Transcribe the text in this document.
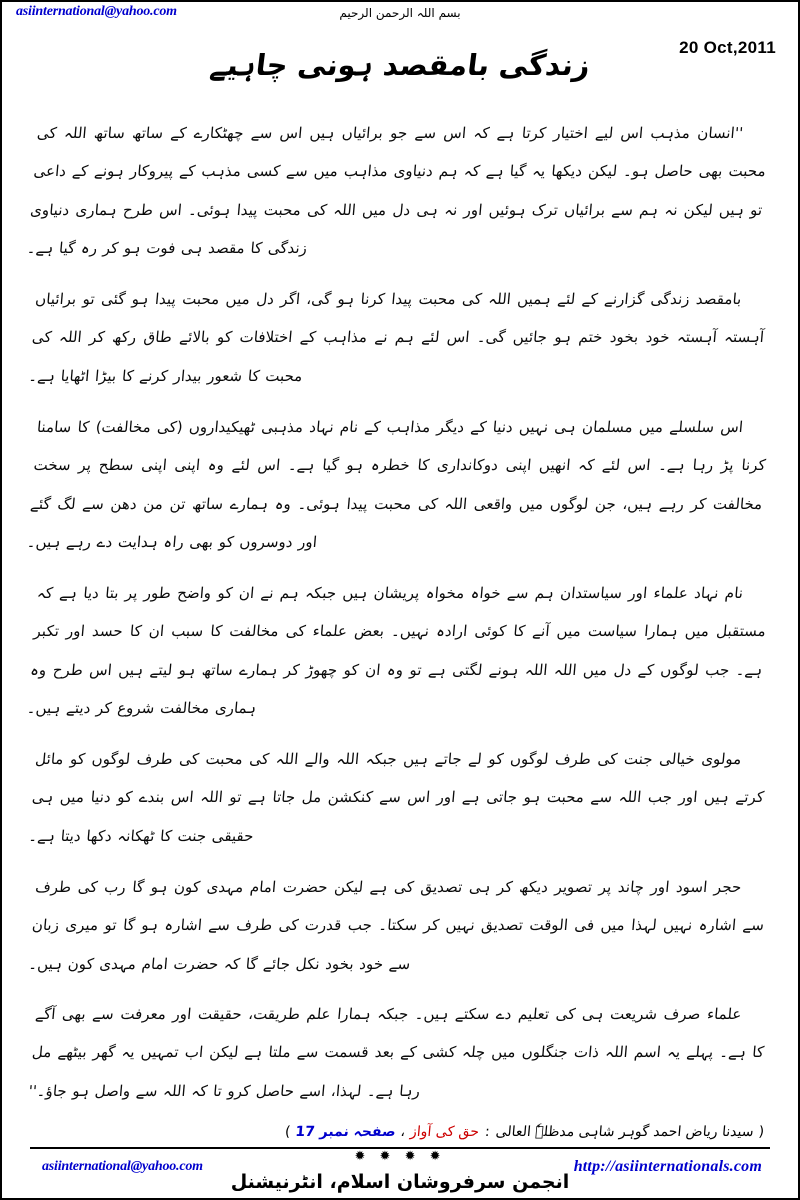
asiinternational@yahoo.com	بسم اللہ الرحمن الرحیم
20 Oct,2011
زندگی بامقصد ہونی چاہیے

''انسان مذہب اس لیے اختیار کرتا ہے کہ اس سے جو برائیاں ہیں اس سے چھٹکارے کے ساتھ ساتھ اللہ کی محبت بھی حاصل ہو۔ لیکن دیکھا یہ گیا ہے کہ ہم دنیاوی مذاہب میں سے کسی مذہب کے پیروکار ہونے کے داعی تو ہیں لیکن نہ ہم سے برائیاں ترک ہوئیں اور نہ ہی دل میں اللہ کی محبت پیدا ہوئی۔ اس طرح ہماری دنیاوی زندگی کا مقصد ہی فوت ہو کر رہ گیا ہے۔

بامقصد زندگی گزارنے کے لئے ہمیں اللہ کی محبت پیدا کرنا ہو گی، اگر دل میں محبت پیدا ہو گئی تو برائیاں آہستہ آہستہ خود بخود ختم ہو جائیں گی۔ اس لئے ہم نے مذاہب کے اختلافات کو بالائے طاق رکھ کر اللہ کی محبت کا شعور بیدار کرنے کا بیڑا اٹھایا ہے۔

اس سلسلے میں مسلمان ہی نہیں دنیا کے دیگر مذاہب کے نام نہاد مذہبی ٹھیکیداروں (کی مخالفت) کا سامنا کرنا پڑ رہا ہے۔ اس لئے کہ انھیں اپنی دوکانداری کا خطرہ ہو گیا ہے۔ اس لئے وہ اپنی اپنی سطح پر سخت مخالفت کر رہے ہیں، جن لوگوں میں واقعی اللہ کی محبت پیدا ہوئی۔ وہ ہمارے ساتھ تن من دھن سے لگ گئے اور دوسروں کو بھی راہ ہدایت دے رہے ہیں۔

نام نہاد علماء اور سیاستدان ہم سے خواہ مخواہ پریشان ہیں جبکہ ہم نے ان کو واضح طور پر بتا دیا ہے کہ مستقبل میں ہمارا سیاست میں آنے کا کوئی ارادہ نہیں۔ بعض علماء کی مخالفت کا سبب ان کا حسد اور تکبر ہے۔ جب لوگوں کے دل میں اللہ اللہ ہونے لگتی ہے تو وہ ان کو چھوڑ کر ہمارے ساتھ ہو لیتے ہیں اس طرح وہ ہماری مخالفت شروع کر دیتے ہیں۔

مولوی خیالی جنت کی طرف لوگوں کو لے جاتے ہیں جبکہ اللہ والے اللہ کی محبت کی طرف لوگوں کو مائل کرتے ہیں اور جب اللہ سے محبت ہو جاتی ہے اور اس سے کنکشن مل جاتا ہے تو اللہ اس بندے کو دنیا میں ہی حقیقی جنت کا ٹھکانہ دکھا دیتا ہے۔

حجر اسود اور چاند پر تصویر دیکھ کر ہی تصدیق کی ہے لیکن حضرت امام مہدی کون ہو گا رب کی طرف سے اشارہ نہیں لہذا میں فی الوقت تصدیق نہیں کر سکتا۔ جب قدرت کی طرف سے اشارہ ہو گا تو میری زبان سے خود بخود نکل جائے گا کہ حضرت امام مہدی کون ہیں۔

علماء صرف شریعت ہی کی تعلیم دے سکتے ہیں۔ جبکہ ہمارا علم طریقت، حقیقت اور معرفت سے بھی آگے کا ہے۔ پہلے یہ اسم اللہ ذات جنگلوں میں چلہ کشی کے بعد قسمت سے ملتا ہے لیکن اب تمہیں یہ گھر بیٹھے مل رہا ہے۔ لہذا، اسے حاصل کرو تا کہ اللہ سے واصل ہو جاؤ۔''

(
سیدنا ریاض احمد گوہر شاہی مدظلہٗ العالی
:
حق کی آواز
،
صفحہ نمبر 17
)
✹ ✹ ✹ ✹
انجمن سرفروشان اسلام، انٹرنیشنل
asiinternational@yahoo.com	http://asiinternationals.com
